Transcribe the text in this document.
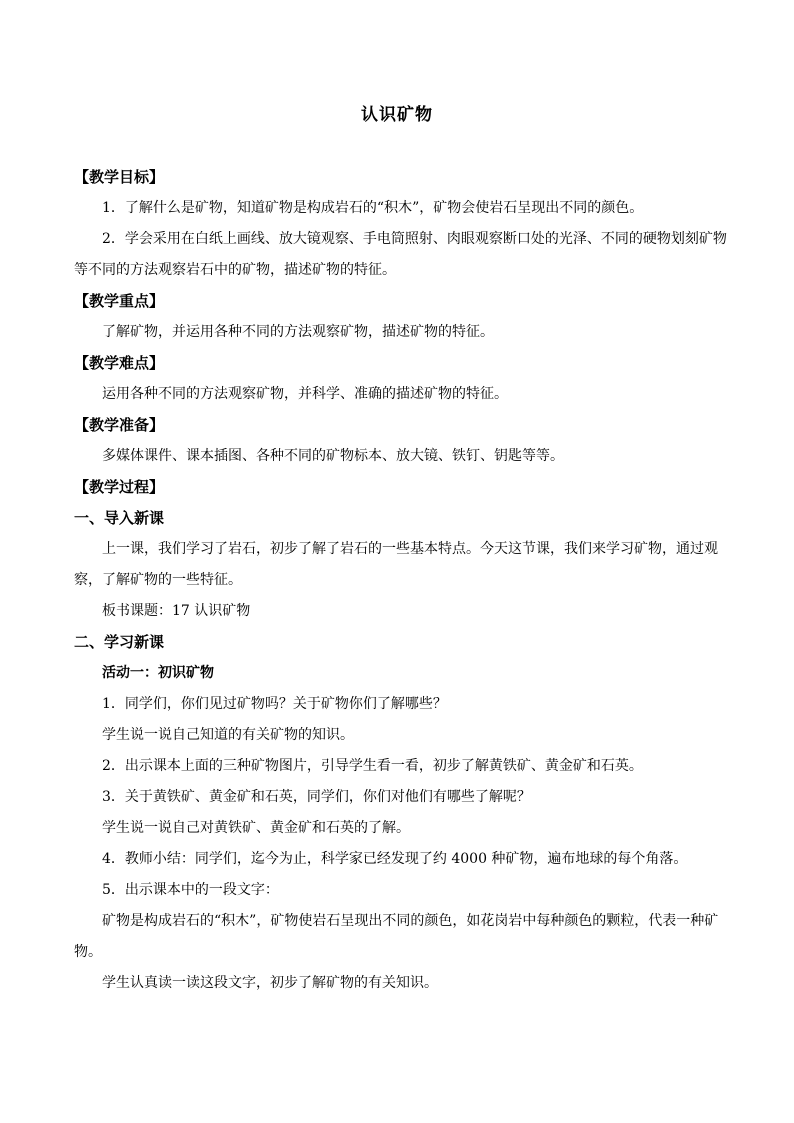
认识矿物

【教学目标】

1．了解什么是矿物，知道矿物是构成岩石的“积木”，矿物会使岩石呈现出不同的颜色。

2．学会采用在白纸上画线、放大镜观察、手电筒照射、肉眼观察断口处的光泽、不同的硬物划刻矿物等不同的方法观察岩石中的矿物，描述矿物的特征。

【教学重点】

了解矿物，并运用各种不同的方法观察矿物，描述矿物的特征。

【教学难点】

运用各种不同的方法观察矿物，并科学、准确的描述矿物的特征。

【教学准备】

多媒体课件、课本插图、各种不同的矿物标本、放大镜、铁钉、钥匙等等。

【教学过程】

一、导入新课

上一课，我们学习了岩石，初步了解了岩石的一些基本特点。今天这节课，我们来学习矿物，通过观察，了解矿物的一些特征。

板书课题：17 认识矿物

二、学习新课

活动一：初识矿物

1．同学们，你们见过矿物吗？关于矿物你们了解哪些？

学生说一说自己知道的有关矿物的知识。

2．出示课本上面的三种矿物图片，引导学生看一看，初步了解黄铁矿、黄金矿和石英。

3．关于黄铁矿、黄金矿和石英，同学们，你们对他们有哪些了解呢？

学生说一说自己对黄铁矿、黄金矿和石英的了解。

4．教师小结：同学们，迄今为止，科学家已经发现了约 4000 种矿物，遍布地球的每个角落。

5．出示课本中的一段文字：

矿物是构成岩石的“积木”，矿物使岩石呈现出不同的颜色，如花岗岩中每种颜色的颗粒，代表一种矿物。

学生认真读一读这段文字，初步了解矿物的有关知识。
